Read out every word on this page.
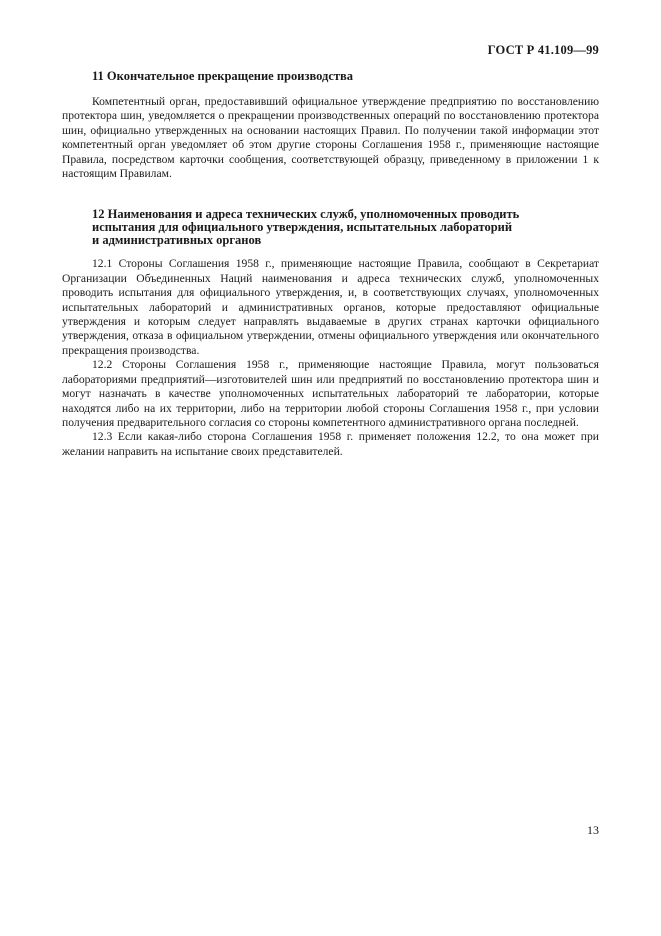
ГОСТ Р 41.109—99
11 Окончательное прекращение производства

Компетентный орган, предоставивший официальное утверждение предприятию по восстановлению протектора шин, уведомляется о прекращении производственных операций по восстановлению протектора шин, официально утвержденных на основании настоящих Правил. По получении такой информации этот компетентный орган уведомляет об этом другие стороны Соглашения 1958 г., применяющие настоящие Правила, посредством карточки сообщения, соответствующей образцу, приведенному в приложении 1 к настоящим Правилам.

12 Наименования и адреса технических служб, уполномоченных проводить
испытания для официального утверждения, испытательных лабораторий
и административных органов

12.1 Стороны Соглашения 1958 г., применяющие настоящие Правила, сообщают в Секретариат Организации Объединенных Наций наименования и адреса технических служб, уполномоченных проводить испытания для официального утверждения, и, в соответствующих случаях, уполномоченных испытательных лабораторий и административных органов, которые предоставляют официальные утверждения и которым следует направлять выдаваемые в других странах карточки официального утверждения, отказа в официальном утверждении, отмены официального утверждения или окончательного прекращения производства.

12.2 Стороны Соглашения 1958 г., применяющие настоящие Правила, могут пользоваться лабораториями предприятий—изготовителей шин или предприятий по восстановлению протектора шин и могут назначать в качестве уполномоченных испытательных лабораторий те лаборатории, которые находятся либо на их территории, либо на территории любой стороны Соглашения 1958 г., при условии получения предварительного согласия со стороны компетентного административного органа последней.

12.3 Если какая-либо сторона Соглашения 1958 г. применяет положения 12.2, то она может при желании направить на испытание своих представителей.

13
